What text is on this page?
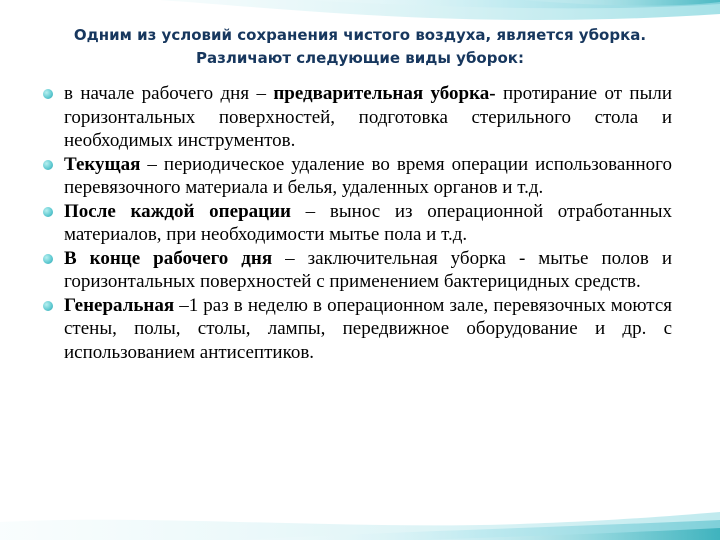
Одним из условий сохранения чистого воздуха, является уборка.
Различают следующие виды уборок:
в начале рабочего дня – предварительная уборка- протирание от пыли горизонтальных поверхностей, подготовка стерильного стола и необходимых инструментов.
Текущая – периодическое удаление во время операции использованного перевязочного материала и белья, удаленных органов и т.д.
После каждой операции – вынос из операционной отработанных материалов, при необходимости мытье пола и т.д.
В конце рабочего дня – заключительная уборка - мытье полов и горизонтальных поверхностей с применением бактерицидных средств.
Генеральная –1 раз в неделю в операционном зале, перевязочных моются стены, полы, столы, лампы, передвижное оборудование и др. с использованием антисептиков.
